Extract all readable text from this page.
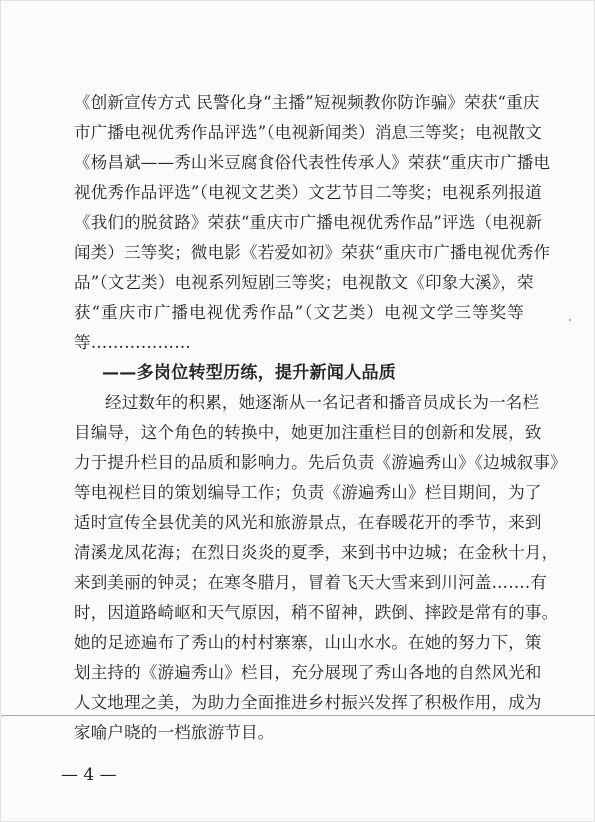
《创新宣传方式 民警化身“主播”短视频教你防诈骗》荣获“重庆
市广播电视优秀作品评选”（电视新闻类）消息三等奖；电视散文
《杨昌斌——秀山米豆腐食俗代表性传承人》荣获“重庆市广播电
视优秀作品评选”（电视文艺类）文艺节目二等奖；电视系列报道
《我们的脱贫路》荣获“重庆市广播电视优秀作品”评选（电视新
闻类）三等奖；微电影《若爱如初》荣获“重庆市广播电视优秀作
品”（文艺类）电视系列短剧三等奖；电视散文《印象大溪》，荣
获“重庆市广播电视优秀作品”（文艺类）电视文学三等奖等
等………………
——多岗位转型历练，提升新闻人品质
经过数年的积累，她逐渐从一名记者和播音员成长为一名栏
目编导，这个角色的转换中，她更加注重栏目的创新和发展，致
力于提升栏目的品质和影响力。先后负责《游遍秀山》《边城叙事》
等电视栏目的策划编导工作；负责《游遍秀山》栏目期间，为了
适时宣传全县优美的风光和旅游景点，在春暖花开的季节，来到
清溪龙凤花海；在烈日炎炎的夏季，来到书中边城；在金秋十月，
来到美丽的钟灵；在寒冬腊月，冒着飞天大雪来到川河盖…….有
时，因道路崎岖和天气原因，稍不留神，跌倒、摔跤是常有的事。
她的足迹遍布了秀山的村村寨寨，山山水水。在她的努力下，策
划主持的《游遍秀山》栏目，充分展现了秀山各地的自然风光和
人文地理之美，为助力全面推进乡村振兴发挥了积极作用，成为
家喻户晓的一档旅游节目。
— 4 —
